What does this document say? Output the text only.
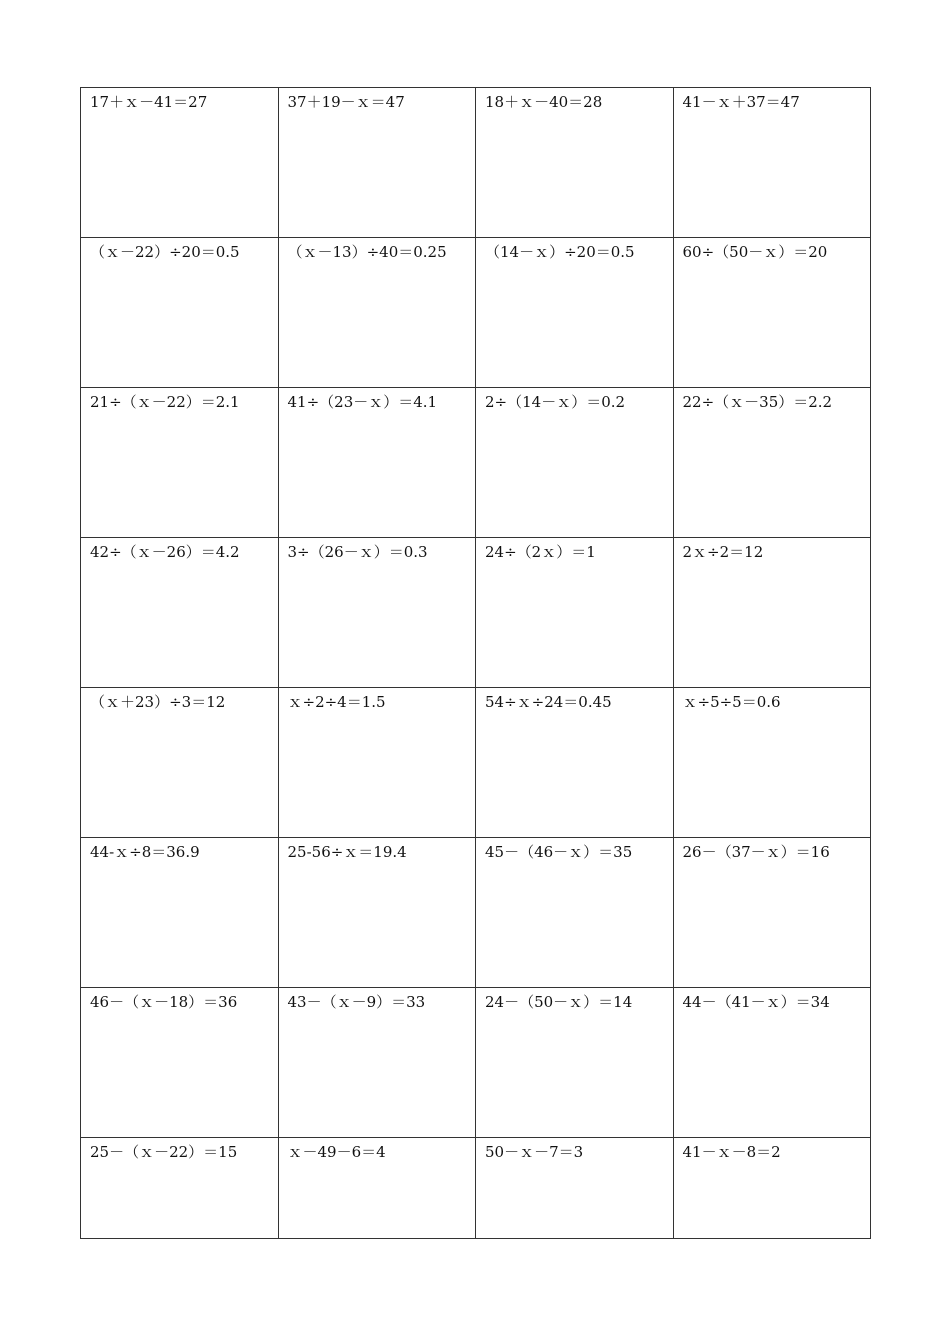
17＋ｘ－41＝27	37＋19－ｘ＝47	18＋ｘ－40＝28	41－ｘ＋37＝47
（ｘ－22）÷20＝0.5	（ｘ－13）÷40＝0.25	（14－ｘ）÷20＝0.5	60÷（50－ｘ）＝20
21÷（ｘ－22）＝2.1	41÷（23－ｘ）＝4.1	2÷（14－ｘ）＝0.2	22÷（ｘ－35）＝2.2
42÷（ｘ－26）＝4.2	3÷（26－ｘ）＝0.3	24÷（2ｘ）＝1	2ｘ÷2＝12
（ｘ＋23）÷3＝12	ｘ÷2÷4＝1.5	54÷ｘ÷24＝0.45	ｘ÷5÷5＝0.6
44-ｘ÷8＝36.9	25-56÷ｘ＝19.4	45－（46－ｘ）＝35	26－（37－ｘ）＝16
46－（ｘ－18）＝36	43－（ｘ－9）＝33	24－（50－ｘ）＝14	44－（41－ｘ）＝34
25－（ｘ－22）＝15	ｘ－49－6＝4	50－ｘ－7＝3	41－ｘ－8＝2
